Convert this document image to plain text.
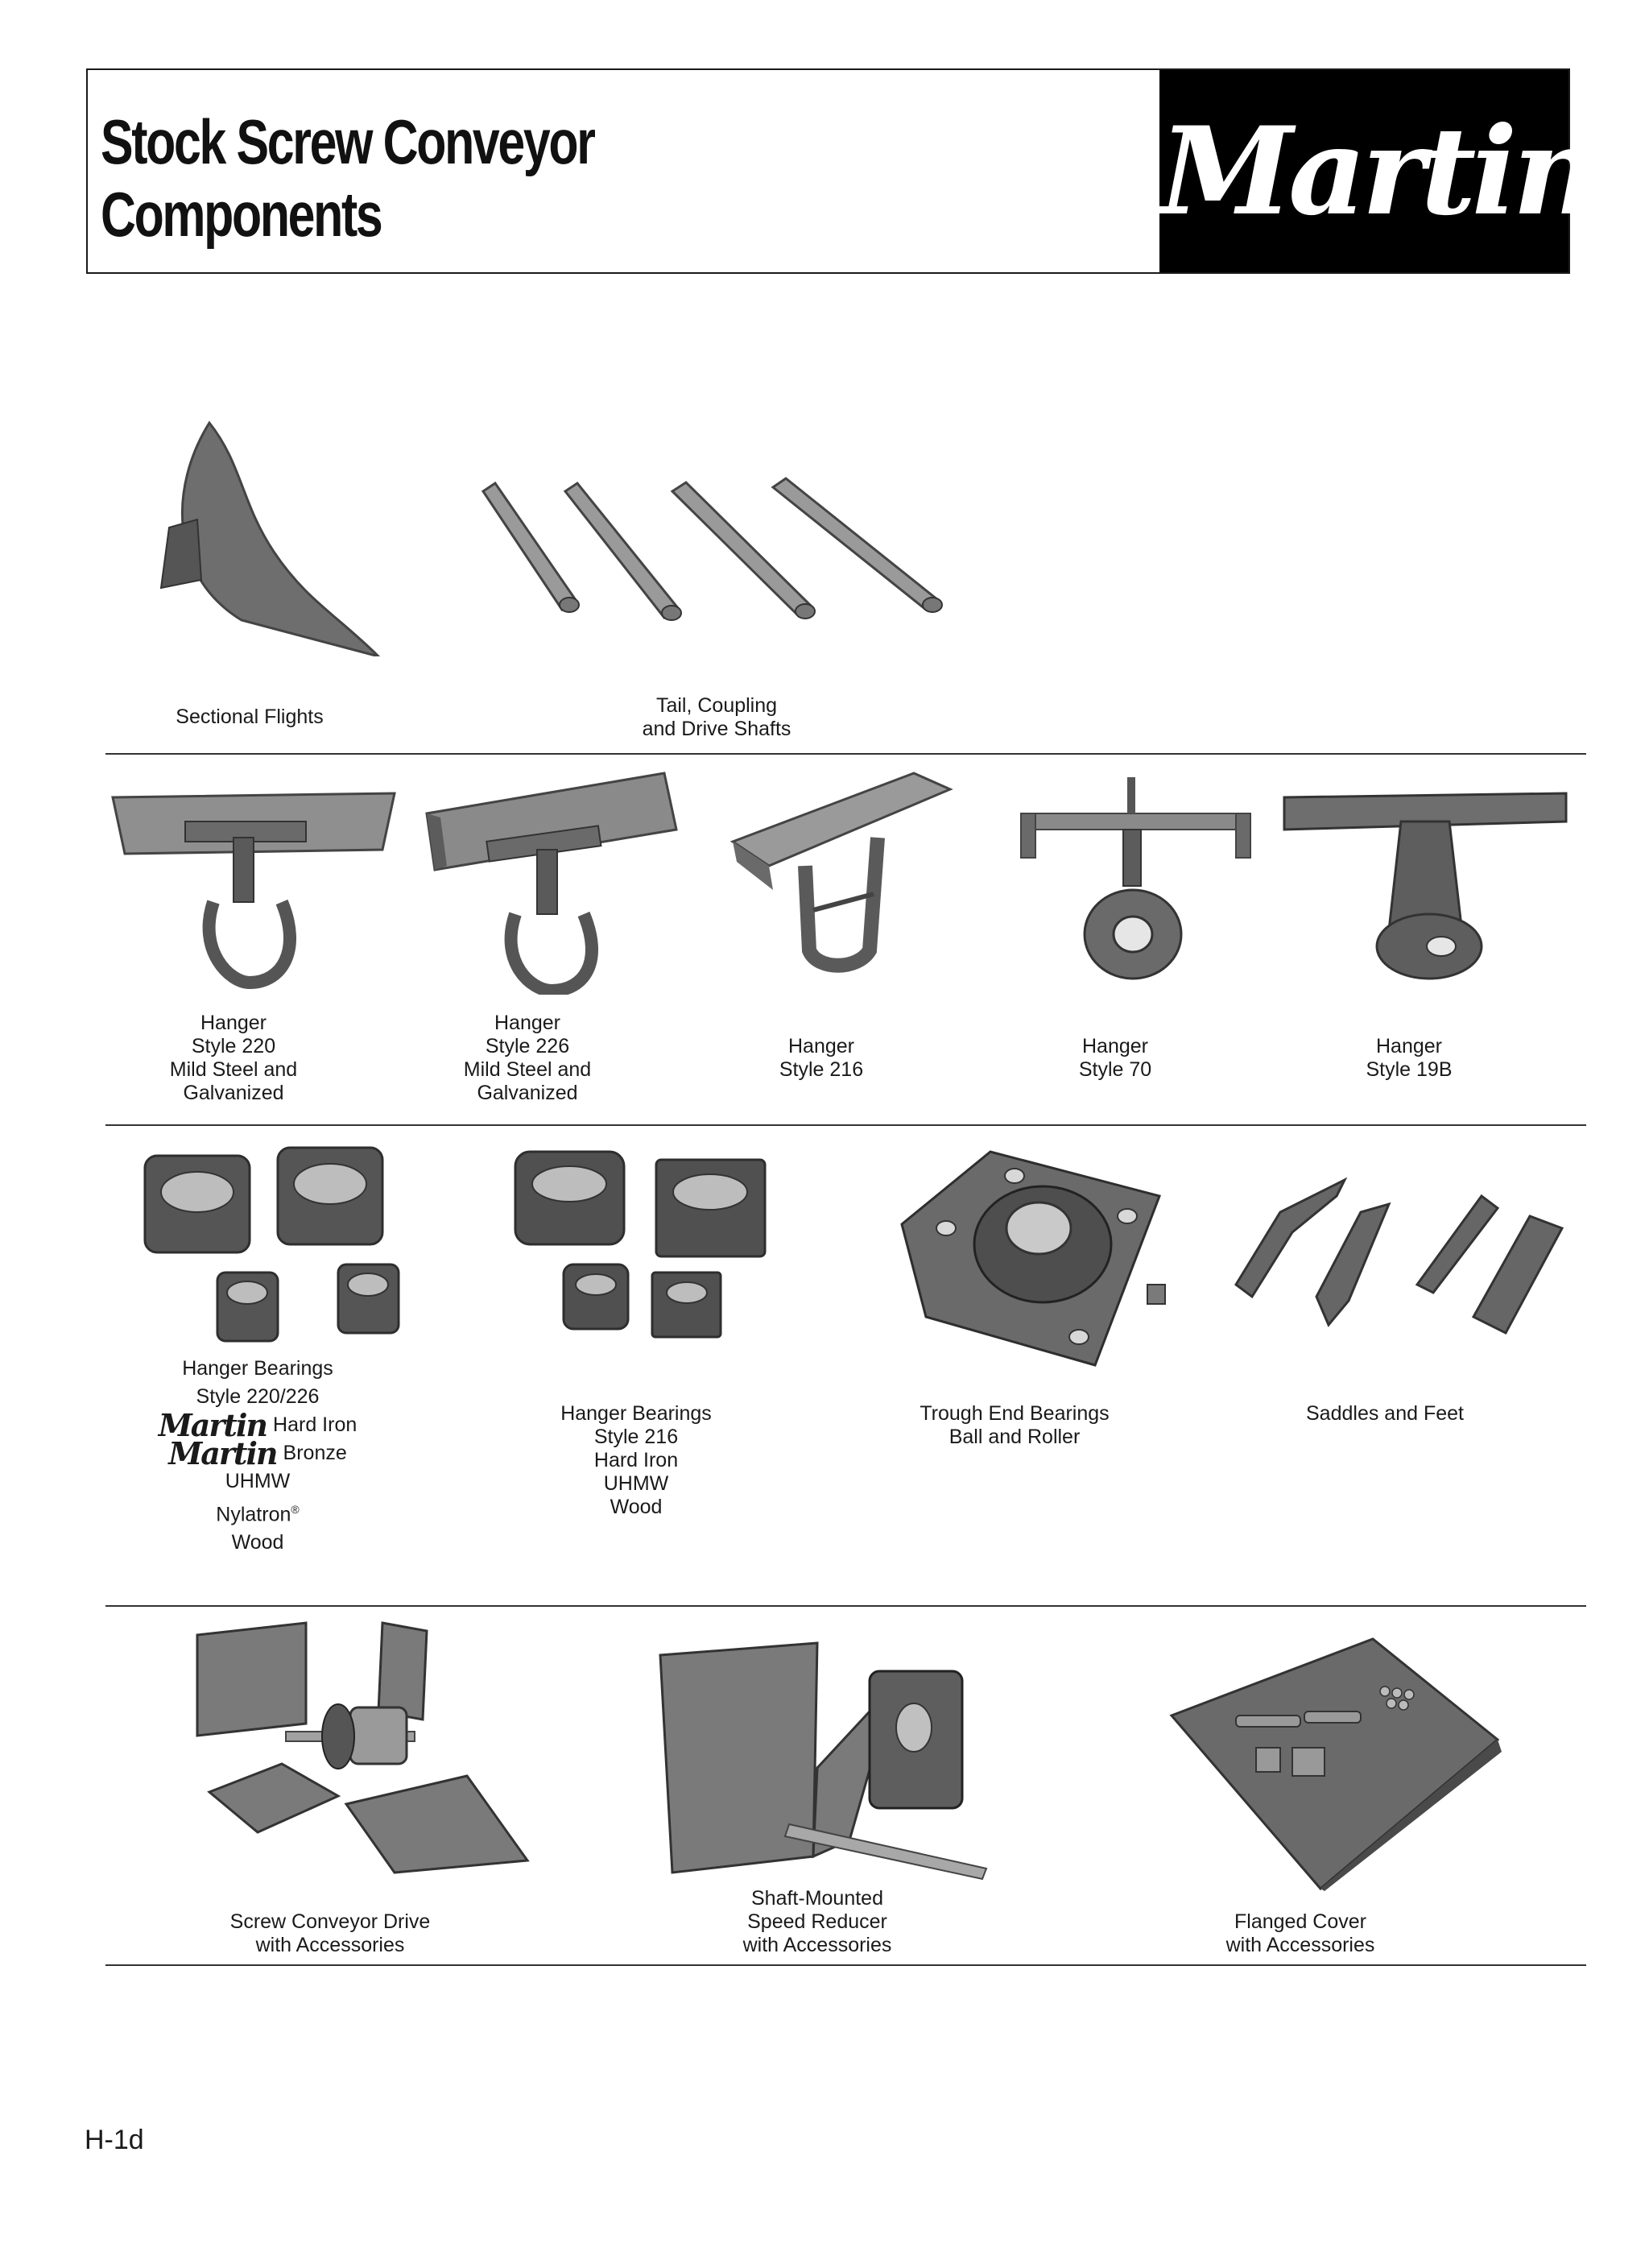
Stock Screw Conveyor
Components	Martin
Sectional Flights	Tail, Coupling
and Drive Shafts
Hanger
Style 220
Mild Steel and
Galvanized
Hanger
Style 226
Mild Steel and
Galvanized
Hanger
Style 216
Hanger
Style 70
Hanger
Style 19B
Hanger Bearings
Style 220/226
Martin Hard Iron
Martin Bronze
UHMW
Nylatron®
Wood
Hanger Bearings
Style 216
Hard Iron
UHMW
Wood
Trough End Bearings
Ball and Roller
Saddles and Feet
Screw Conveyor Drive
with Accessories
Shaft-Mounted
Speed Reducer
with Accessories
Flanged Cover
with Accessories
H-1d
